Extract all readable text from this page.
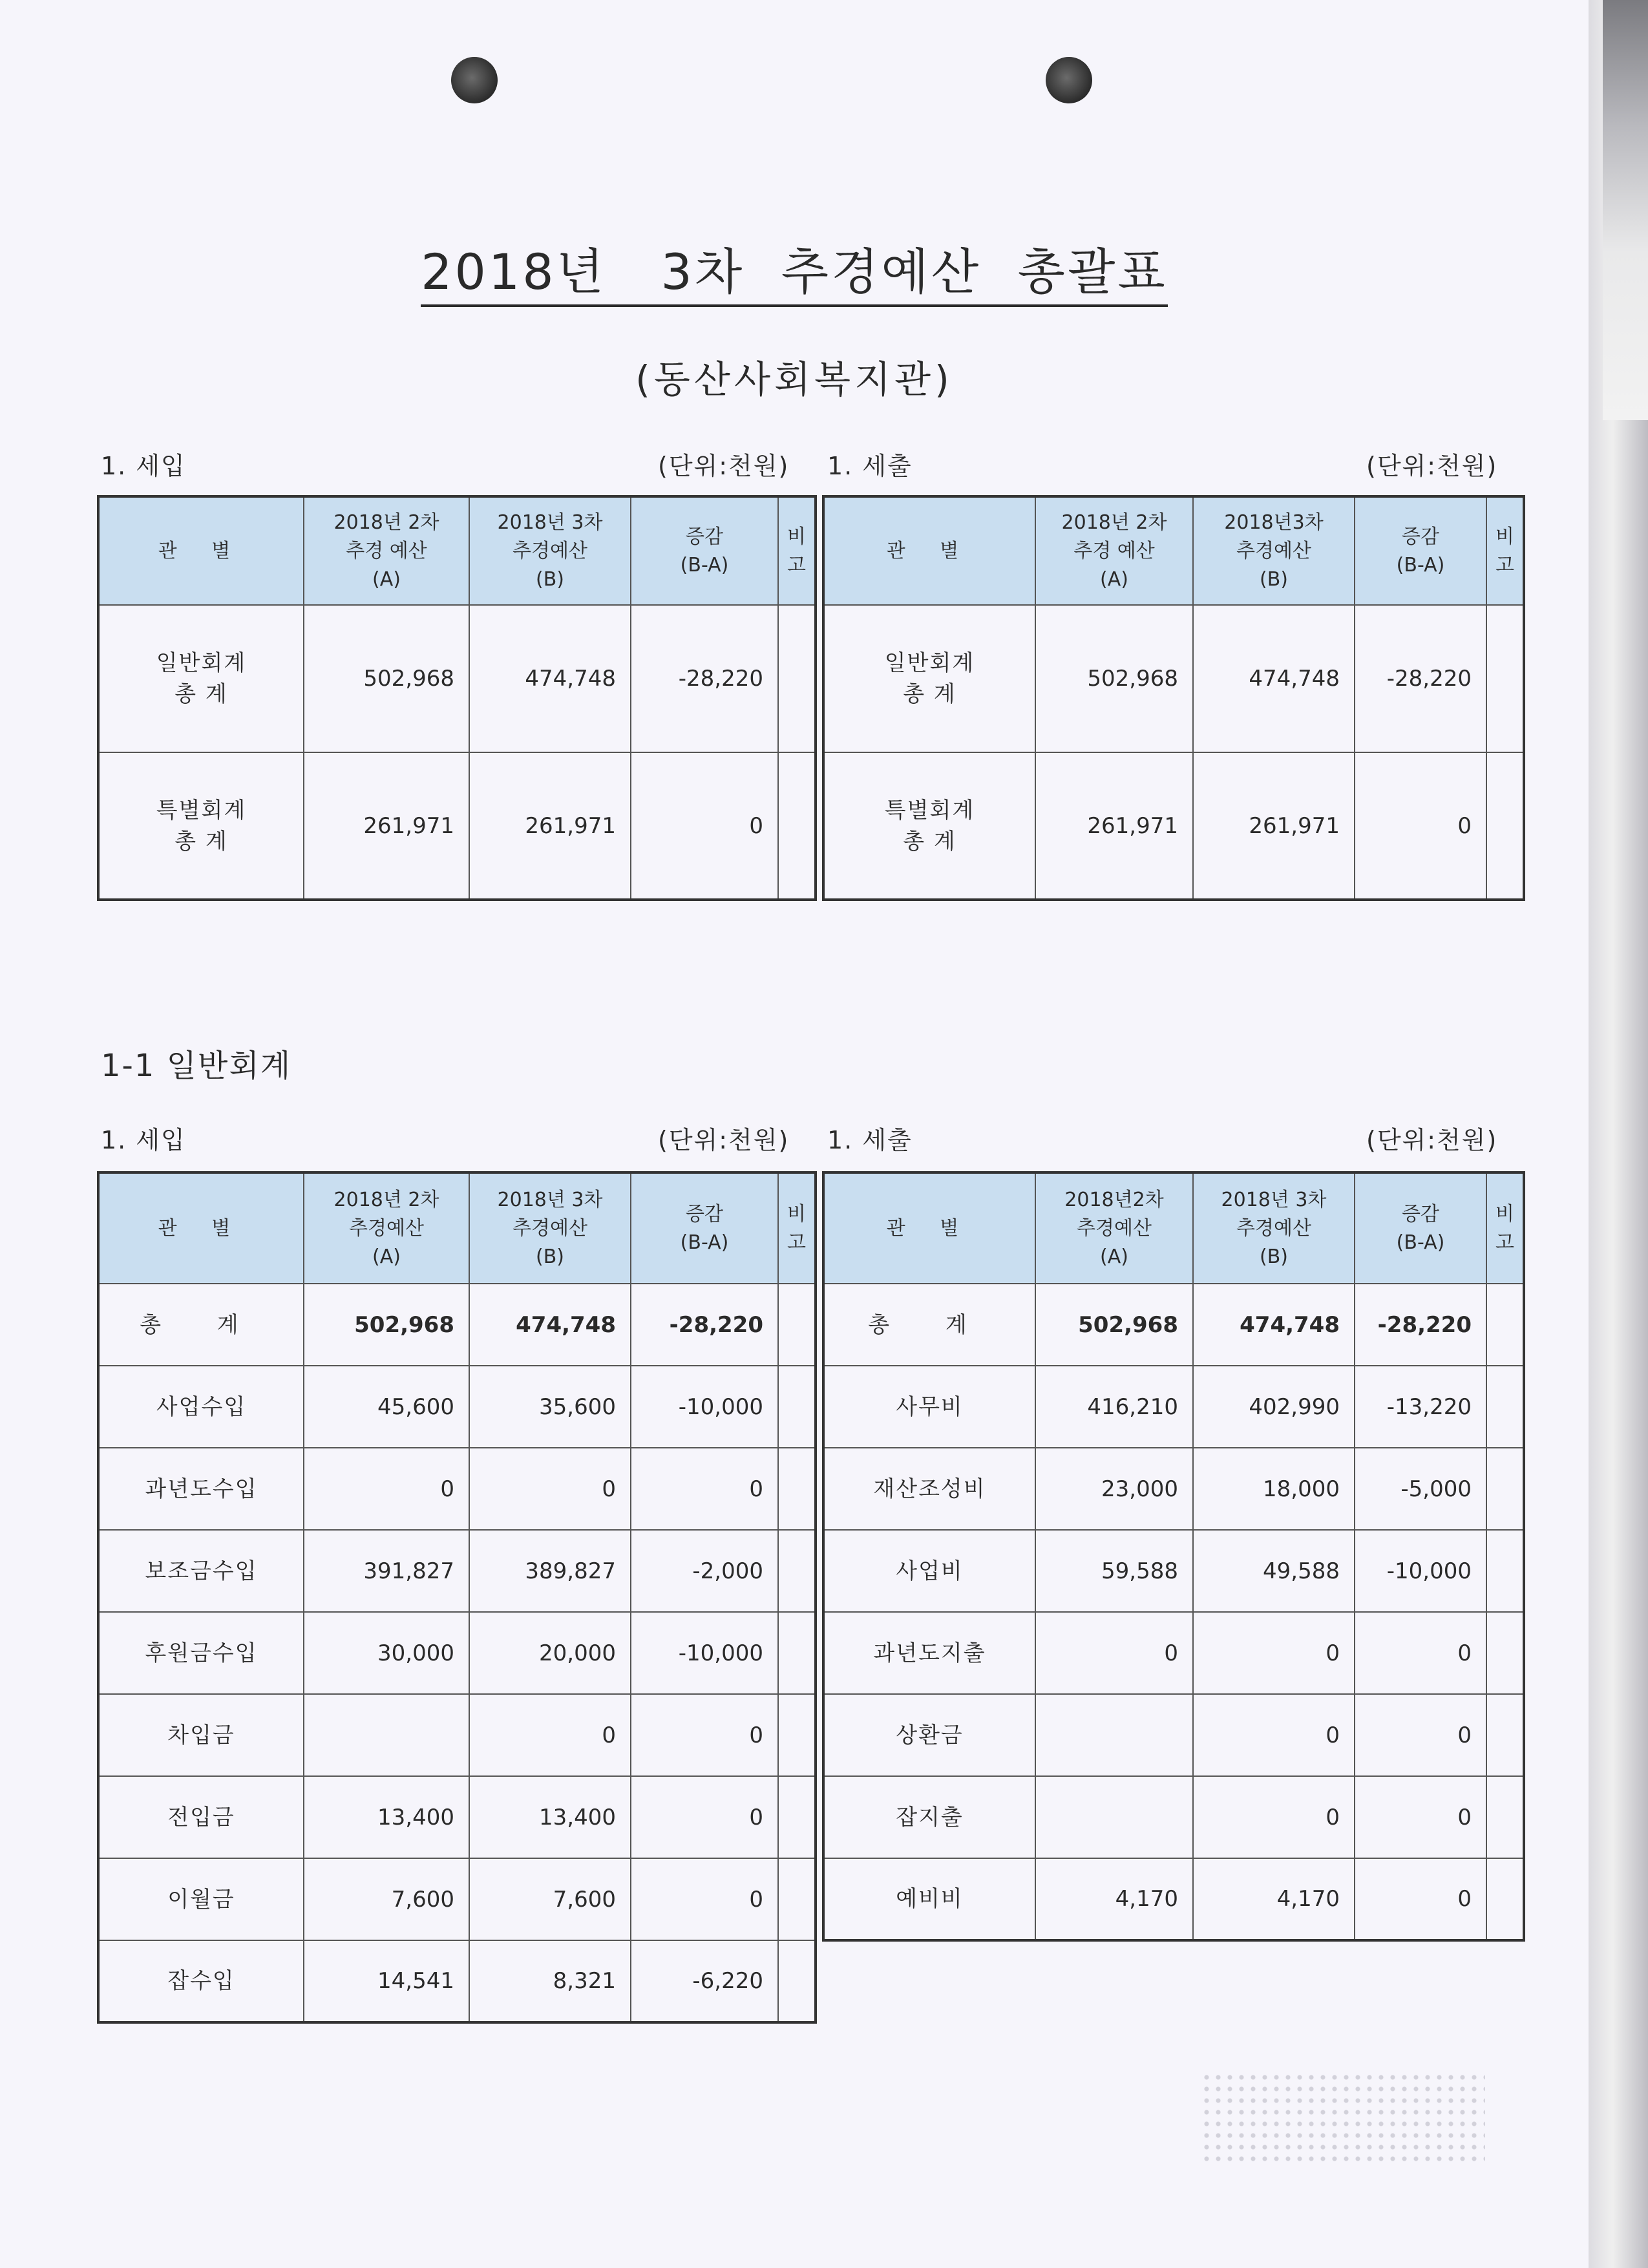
2018년   3차  추경예산  총괄표
(동산사회복지관)
1. 세입	(단위:천원) 1. 세출	(단위:천원)
관 별	2018년 2차
추경 예산
(A)	2018년 3차
추경예산
(B)	증감
(B-A)	비
고
일반회계
총 계	502,968	474,748	-28,220	
특별회계
총 계	261,971	261,971	0	
관 별	2018년 2차
추경 예산
(A)	2018년3차
추경예산
(B)	증감
(B-A)	비
고
일반회계
총 계	502,968	474,748	-28,220	
특별회계
총 계	261,971	261,971	0	
1-1 일반회계
1. 세입	(단위:천원) 1. 세출	(단위:천원)
관 별	2018년 2차
추경예산
(A)	2018년 3차
추경예산
(B)	증감
(B-A)	비
고
총 계	502,968	474,748	-28,220	
사업수입	45,600	35,600	-10,000	
과년도수입	0	0	0	
보조금수입	391,827	389,827	-2,000	
후원금수입	30,000	20,000	-10,000	
차입금		0	0	
전입금	13,400	13,400	0	
이월금	7,600	7,600	0	
잡수입	14,541	8,321	-6,220	
관 별	2018년2차
추경예산
(A)	2018년 3차
추경예산
(B)	증감
(B-A)	비
고
총 계	502,968	474,748	-28,220	
사무비	416,210	402,990	-13,220	
재산조성비	23,000	18,000	-5,000	
사업비	59,588	49,588	-10,000	
과년도지출	0	0	0	
상환금		0	0	
잡지출		0	0	
예비비	4,170	4,170	0	
